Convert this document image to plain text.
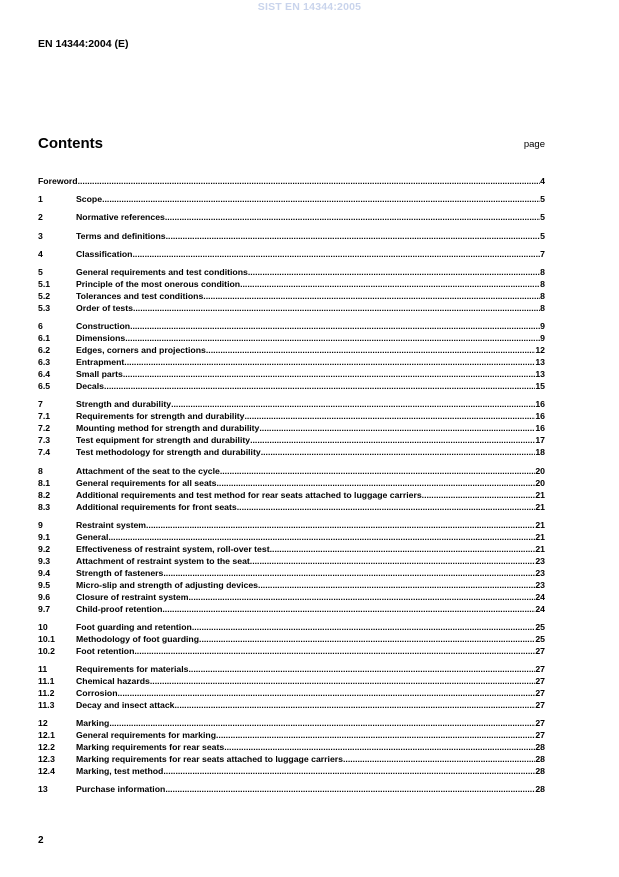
SIST EN 14344:2005
EN 14344:2004 (E)
Contents	page
Foreword .....	4
1	Scope .....	5
2	Normative references .....	5
3	Terms and definitions .....	5
4	Classification .....	7
5	General requirements and test conditions .....	8
5.1	Principle of the most onerous condition .....	8
5.2	Tolerances and test conditions .....	8
5.3	Order of tests .....	8
6	Construction .....	9
6.1	Dimensions .....	9
6.2	Edges, corners and projections .....	12
6.3	Entrapment .....	13
6.4	Small parts .....	13
6.5	Decals .....	15
7	Strength and durability .....	16
7.1	Requirements for strength and durability .....	16
7.2	Mounting method for strength and durability .....	16
7.3	Test equipment for strength and durability .....	17
7.4	Test methodology for strength and durability .....	18
8	Attachment of the seat to the cycle .....	20
8.1	General requirements for all seats .....	20
8.2	Additional requirements and test method for rear seats attached to luggage carriers .....	21
8.3	Additional requirements for front seats .....	21
9	Restraint system .....	21
9.1	General .....	21
9.2	Effectiveness of restraint system, roll-over test .....	21
9.3	Attachment of restraint system to the seat .....	23
9.4	Strength of fasteners .....	23
9.5	Micro-slip and strength of adjusting devices .....	23
9.6	Closure of restraint system .....	24
9.7	Child-proof retention .....	24
10	Foot guarding and retention .....	25
10.1	Methodology of foot guarding .....	25
10.2	Foot retention .....	27
11	Requirements for materials .....	27
11.1	Chemical hazards .....	27
11.2	Corrosion .....	27
11.3	Decay and insect attack .....	27
12	Marking .....	27
12.1	General requirements for marking .....	27
12.2	Marking requirements for rear seats .....	28
12.3	Marking requirements for rear seats attached to luggage carriers .....	28
12.4	Marking, test method .....	28
13	Purchase information .....	28
2
